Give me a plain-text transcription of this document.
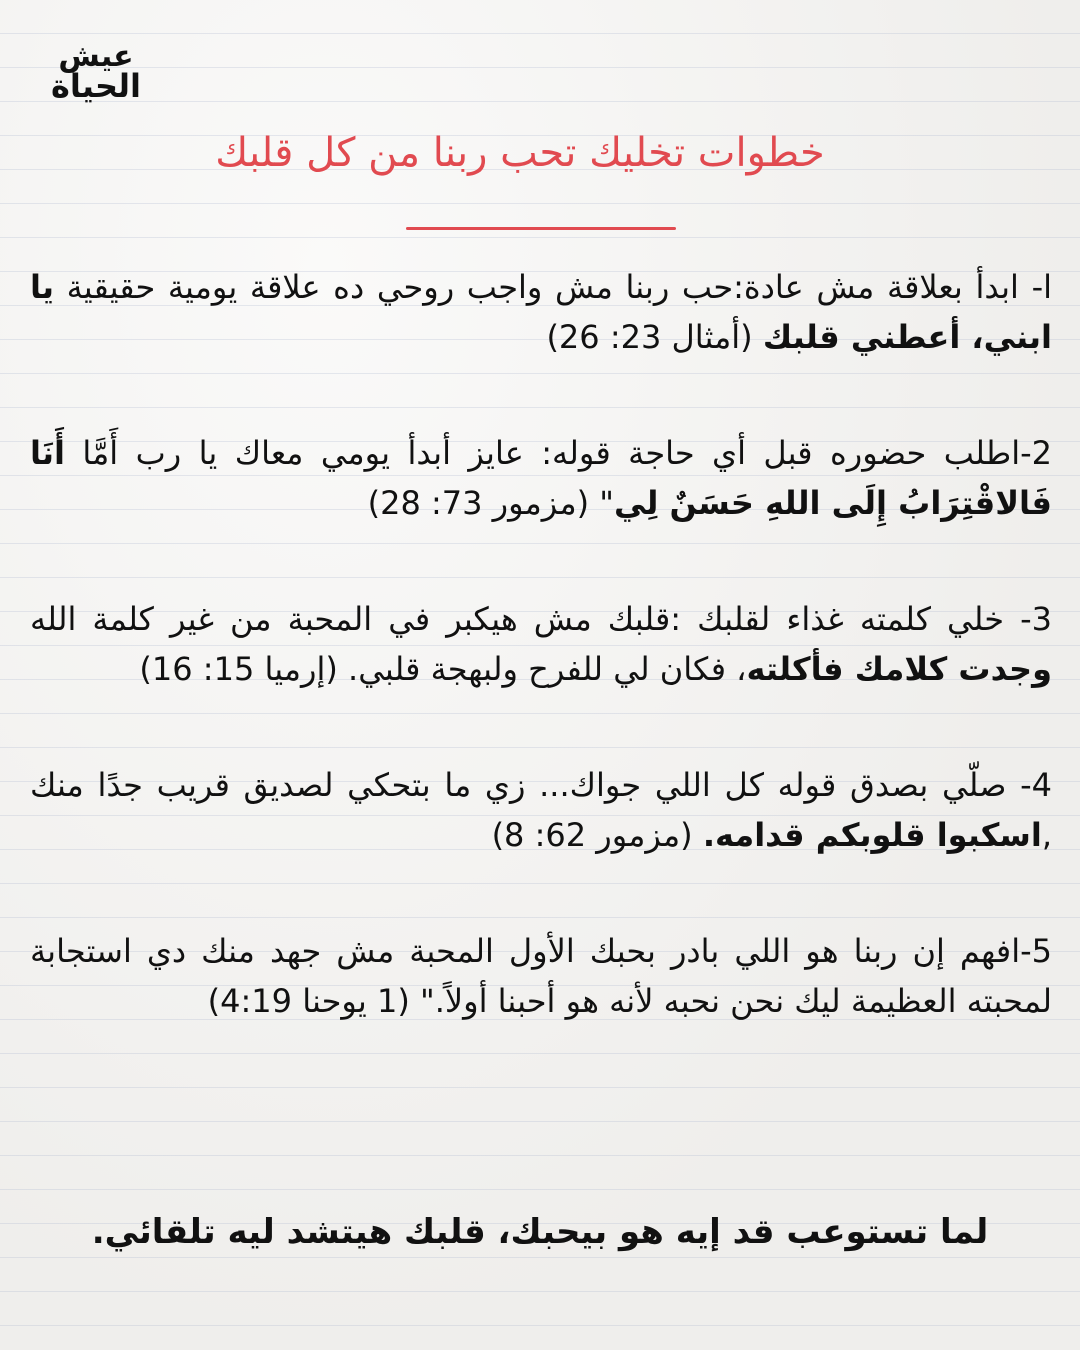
عيش
الحياة
خطوات تخليك تحب ربنا من كل قلبك

ا- ابدأ بعلاقة مش عادة:حب ربنا مش واجب روحي ده علاقة يومية حقيقية يا ابني، أعطني قلبك (أمثال 23: 26)

2-اطلب حضوره قبل أي حاجة قوله: عايز أبدأ يومي معاك يا رب أَمَّا أَنَا فَالاقْتِرَابُ إِلَى اللهِ حَسَنٌ لِي" (مزمور 73: 28)

3- خلي كلمته غذاء لقلبك :قلبك مش هيكبر في المحبة من غير كلمة الله وجدت كلامك فأكلته، فكان لي للفرح ولبهجة قلبي. (إرميا 15: 16)

4- صلّي بصدق قوله كل اللي جواك... زي ما بتحكي لصديق قريب جدًا منك ,اسكبوا قلوبكم قدامه. (مزمور 62: 8)

5-افهم إن ربنا هو اللي بادر بحبك الأول المحبة مش جهد منك دي استجابة لمحبته العظيمة ليك نحن نحبه لأنه هو أحبنا أولاً." (1 يوحنا 4:19)

لما تستوعب قد إيه هو بيحبك، قلبك هيتشد ليه تلقائي.
